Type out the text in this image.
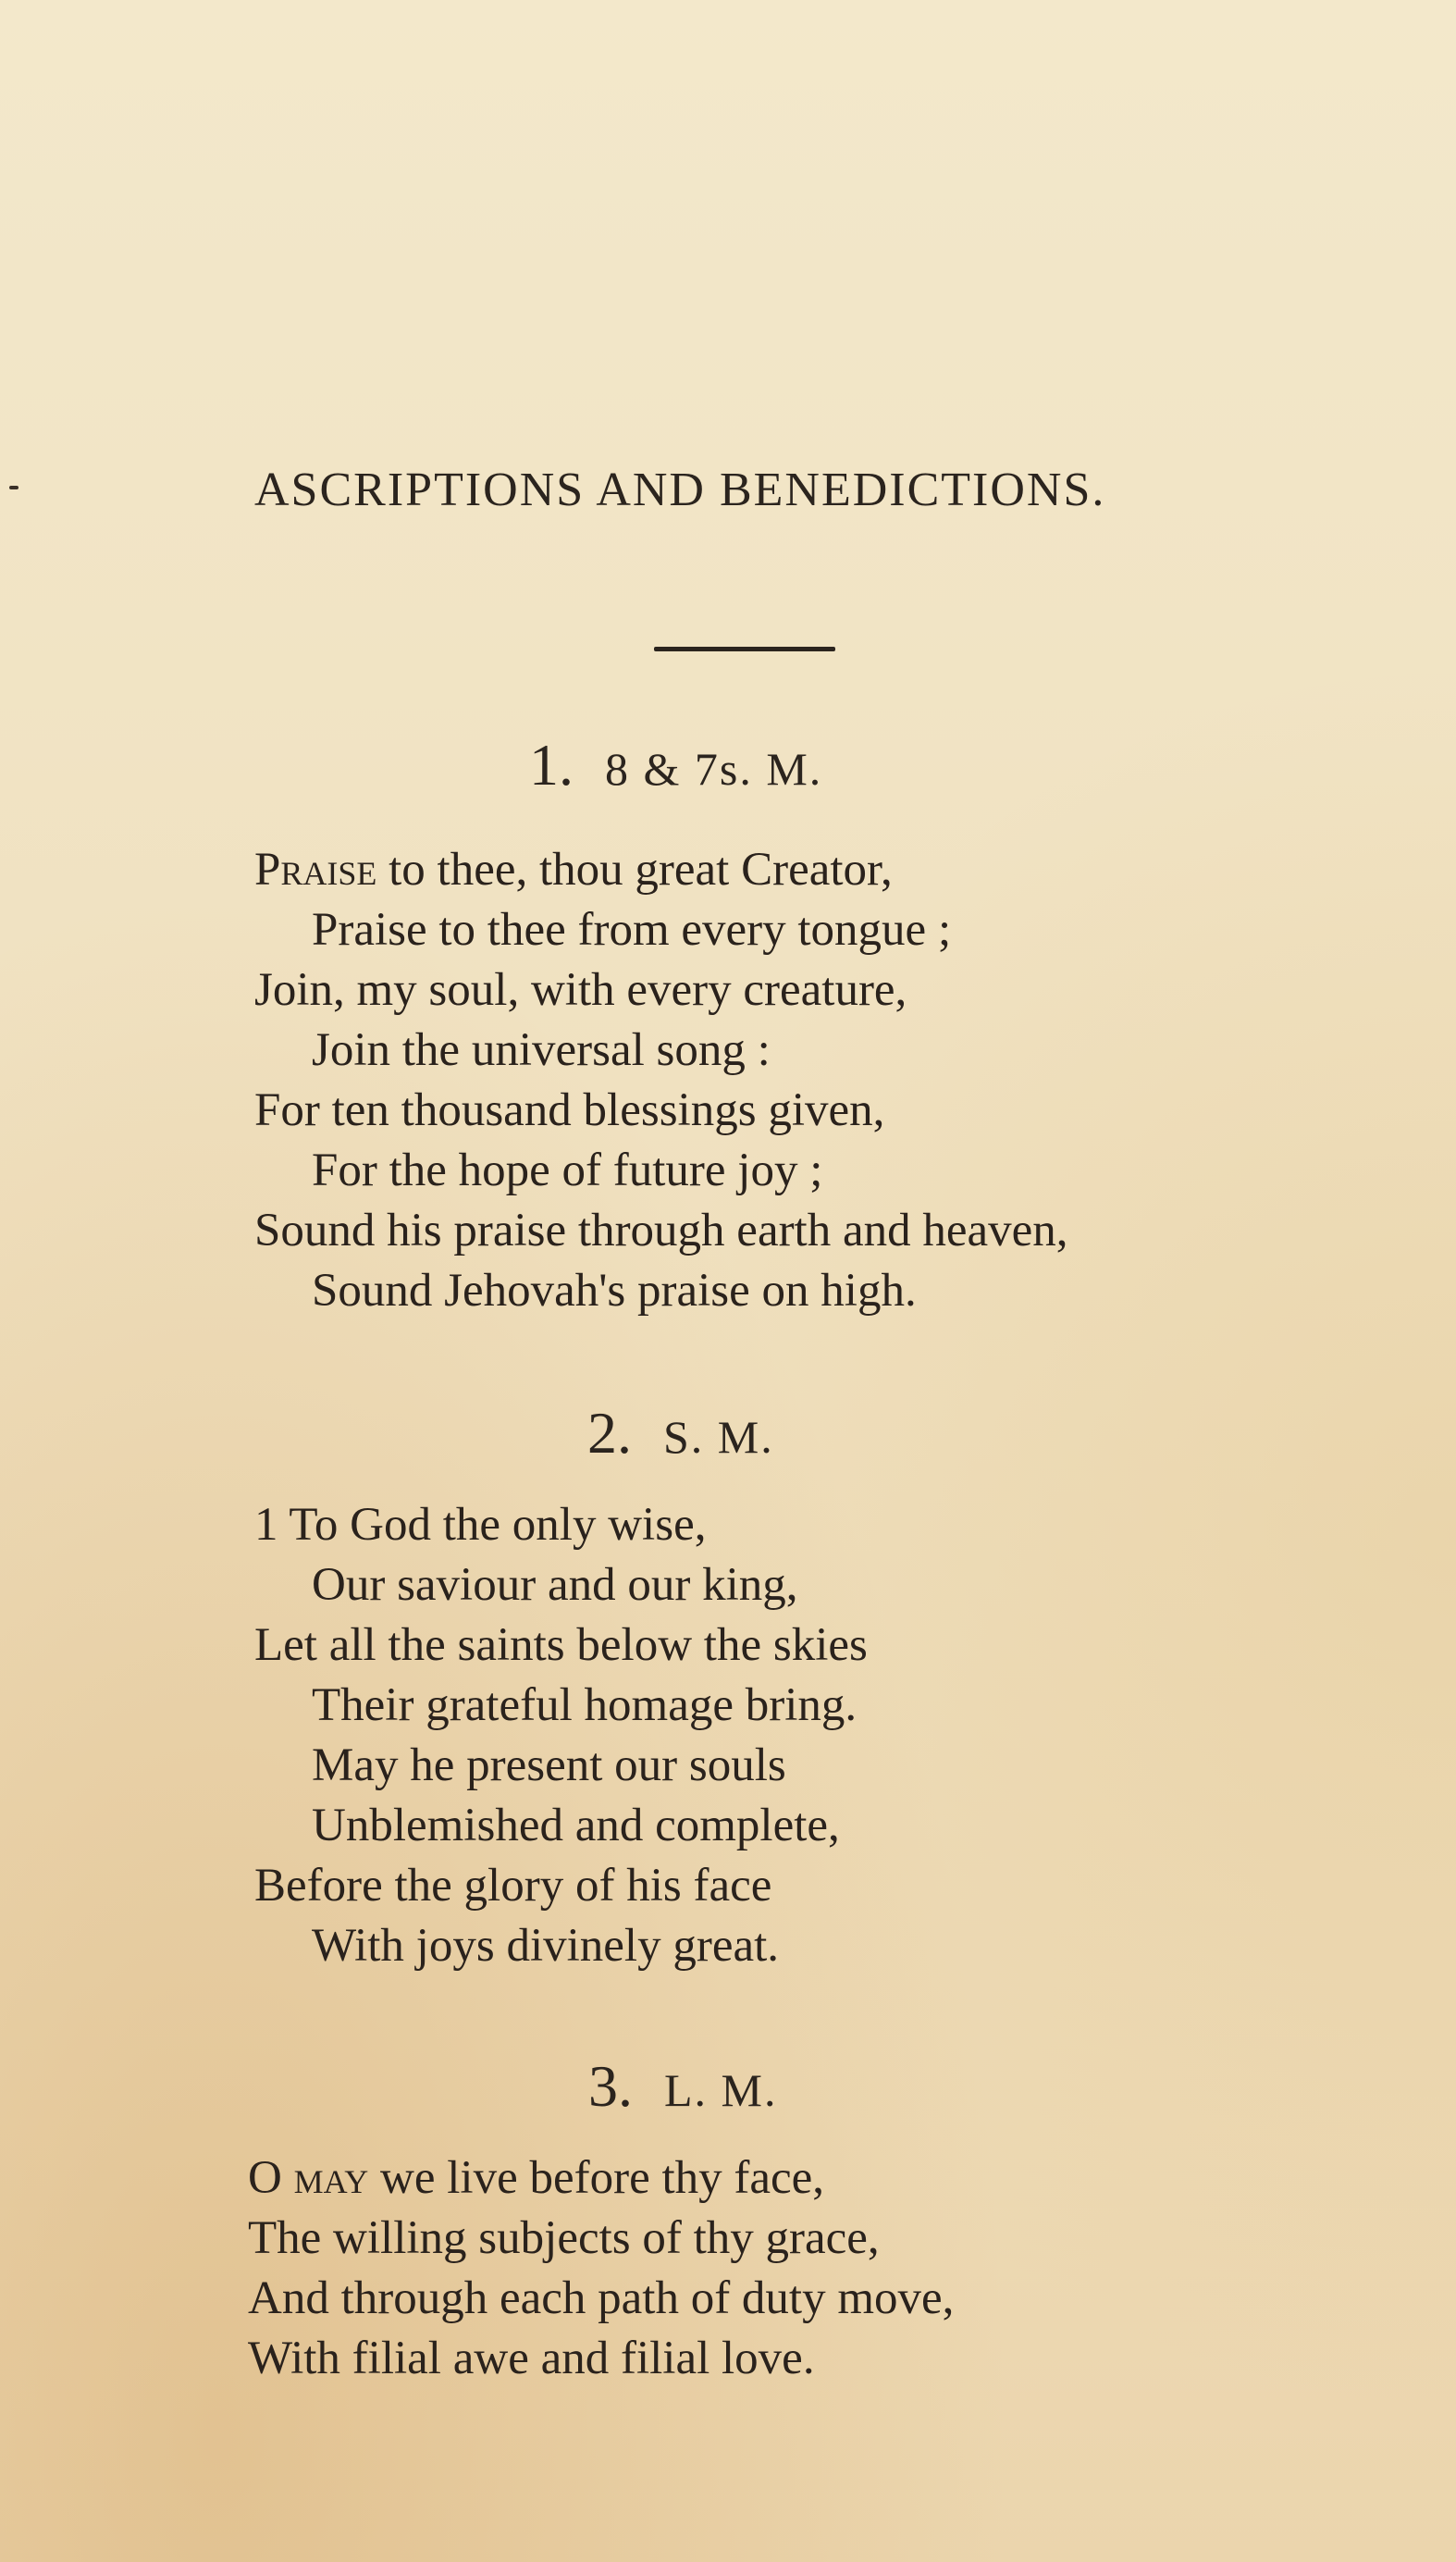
ASCRIPTIONS AND BENEDICTIONS.
1. 8 & 7s. M.
Praise to thee, thou great Creator,
Praise to thee from every tongue ;
Join, my soul, with every creature,
Join the universal song :
For ten thousand blessings given,
For the hope of future joy ;
Sound his praise through earth and heaven,
Sound Jehovah's praise on high.
2. S. M.
1 To God the only wise,
Our saviour and our king,
Let all the saints below the skies
Their grateful homage bring.
May he present our souls
Unblemished and complete,
Before the glory of his face
With joys divinely great.
3. L. M.
O may we live before thy face,
The willing subjects of thy grace,
And through each path of duty move,
With filial awe and filial love.
